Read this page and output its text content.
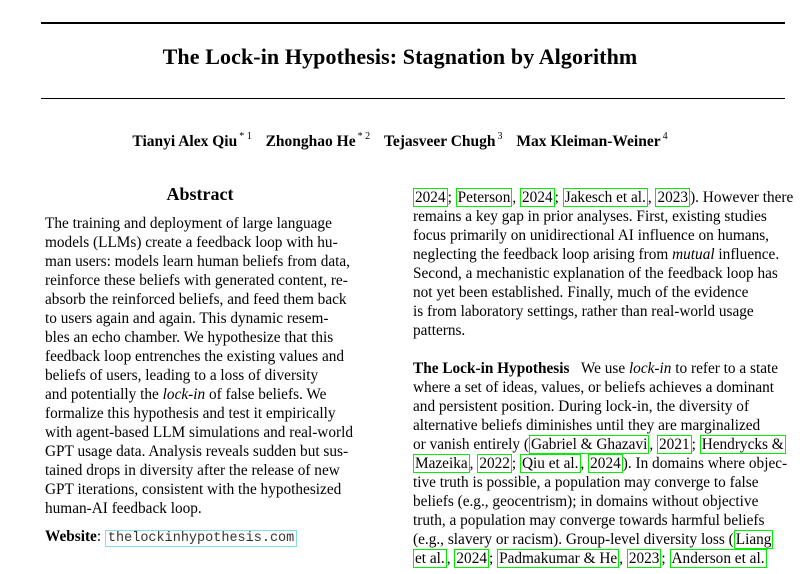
The Lock-in Hypothesis: Stagnation by Algorithm
Tianyi Alex Qiu $^{* 1}$ Zhonghao He $^{* 2}$ Tejasveer Chugh $^3$ Max Kleiman-Weiner $^4$
Abstract
The training and deployment of large language
models (LLMs) create a feedback loop with hu-
man users: models learn human beliefs from data,
reinforce these beliefs with generated content, re-
absorb the reinforced beliefs, and feed them back
to users again and again. This dynamic resem-
bles an echo chamber. We hypothesize that this
feedback loop entrenches the existing values and
beliefs of users, leading to a loss of diversity
and potentially the lock-in of false beliefs. We
formalize this hypothesis and test it empirically
with agent-based LLM simulations and real-world
GPT usage data. Analysis reveals sudden but sus-
tained drops in diversity after the release of new
GPT iterations, consistent with the hypothesized
human-AI feedback loop.
Website: thelockinhypothesis.com
2024 ; Peterson , 2024 ; Jakesch et al. , 2023 ). However there
remains a key gap in prior analyses. First, existing studies
focus primarily on unidirectional AI influence on humans,
neglecting the feedback loop arising from mutual influence.
Second, a mechanistic explanation of the feedback loop has
not yet been established. Finally, much of the evidence
is from laboratory settings, rather than real-world usage
patterns.
The Lock-in Hypothesis We use lock-in to refer to a state
where a set of ideas, values, or beliefs achieves a dominant
and persistent position. During lock-in, the diversity of
alternative beliefs diminishes until they are marginalized
or vanish entirely ( Gabriel & Ghazavi , 2021 ; Hendrycks &
Mazeika , 2022 ; Qiu et al. , 2024 ). In domains where objec-
tive truth is possible, a population may converge to false
beliefs (e.g., geocentrism); in domains without objective
truth, a population may converge towards harmful beliefs
(e.g., slavery or racism). Group-level diversity loss ( Liang
et al. , 2024 ; Padmakumar & He , 2023 ; Anderson et al.
